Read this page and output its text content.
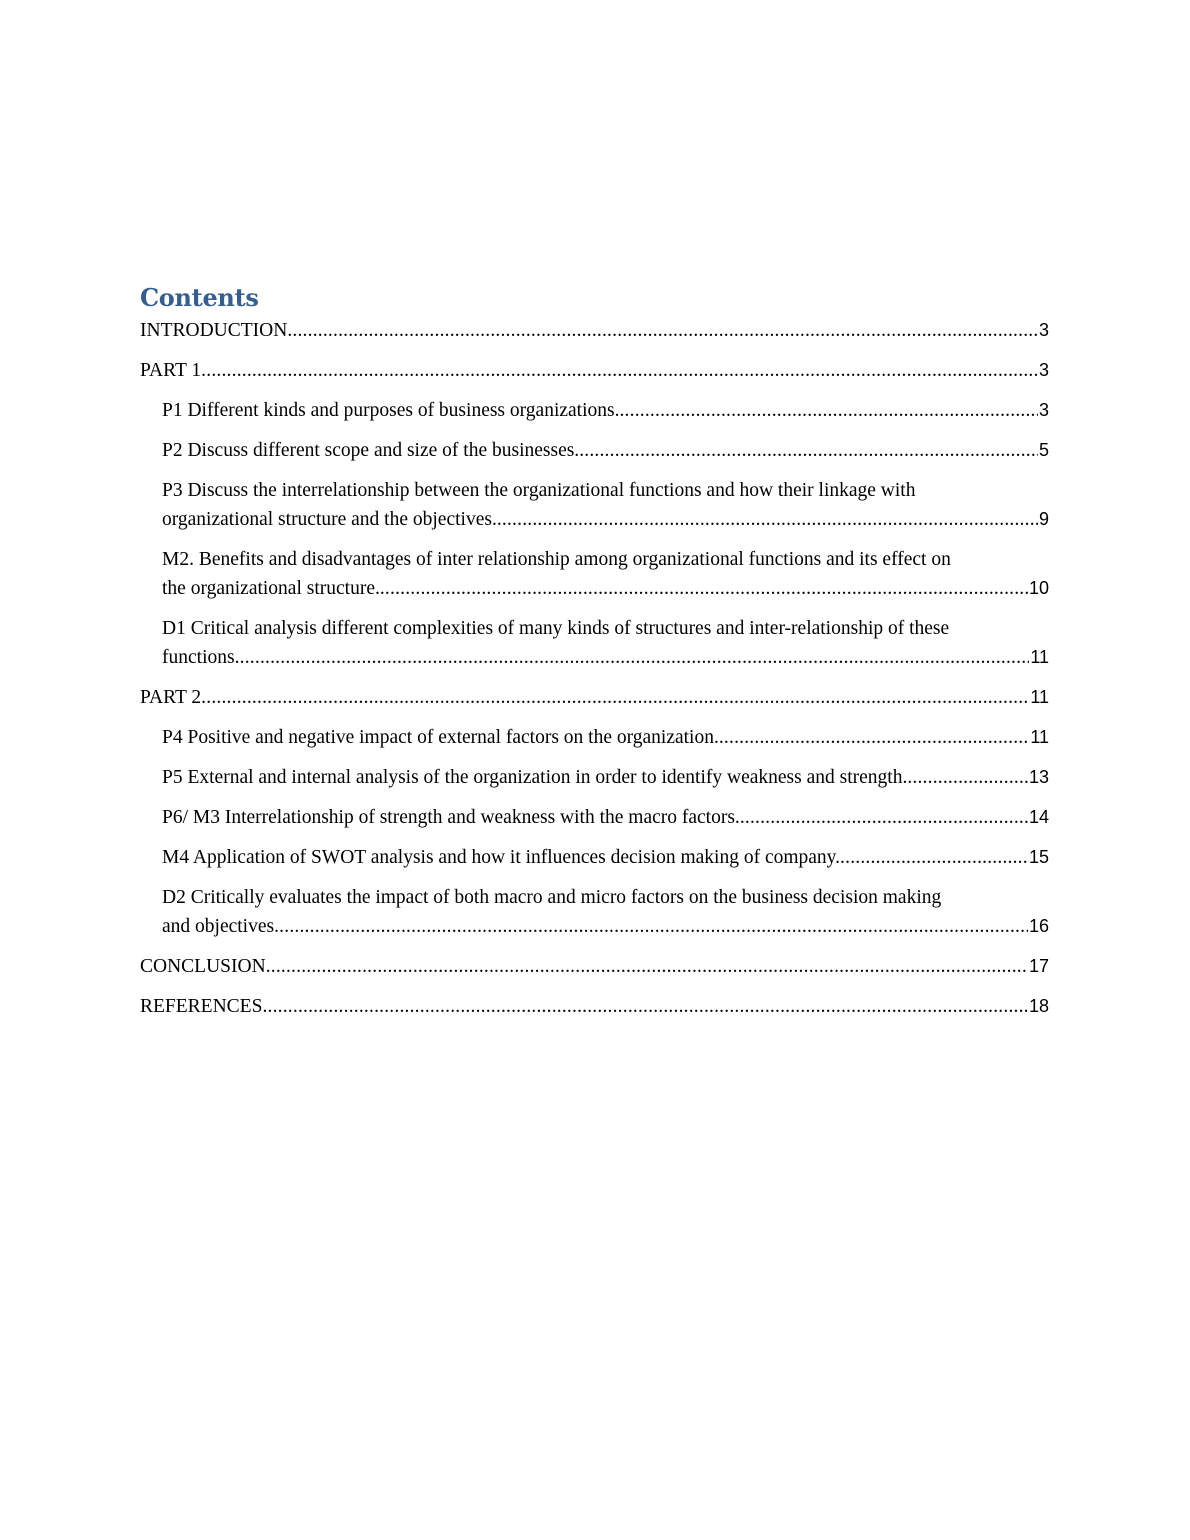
Contents
INTRODUCTION .....	3
PART 1 .....	3
P1 Different kinds and purposes of business organizations. .....	3
P2 Discuss different scope and size of the businesses. .....	5
P3 Discuss the interrelationship between the organizational functions and how their linkage with
organizational structure and the objectives. .....	9
M2. Benefits and disadvantages of inter relationship among organizational functions and its effect on
the organizational structure. .....	10
D1 Critical analysis different complexities of many kinds of structures and inter-relationship of these
functions .....	11
PART 2 .....	11
P4 Positive and negative impact of external factors on the organization. .....	11
P5 External and internal analysis of the organization in order to identify weakness and strength. .....	13
P6/ M3 Interrelationship of strength and weakness with the macro factors. .....	14
M4 Application of SWOT analysis and how it influences decision making of company. .....	15
D2 Critically evaluates the impact of both macro and micro factors on the business decision making
and objectives .....	16
CONCLUSION .....	17
REFERENCES .....	18
